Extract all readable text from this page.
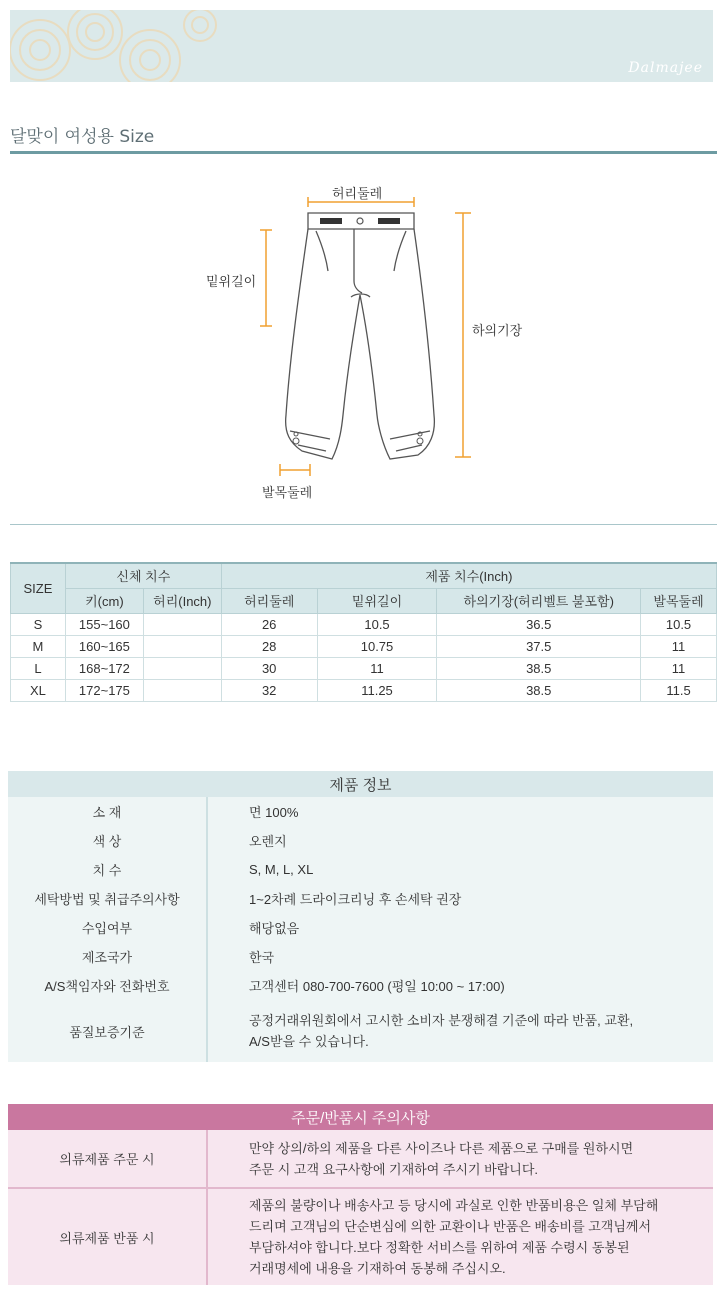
Dalmajee
달맞이 여성용 Size
허리둘레
밑위길이
하의기장
발목둘레
SIZE	신체 치수		제품 치수(Inch)			
	키(cm)	허리(Inch)	허리둘레	밑위길이	하의기장(허리벨트 불포함)	발목둘레
S	155~160		26	10.5	36.5	10.5
M	160~165		28	10.75	37.5	11
L	168~172		30	11	38.5	11
XL	172~175		32	11.25	38.5	11.5
제품 정보	
소 재	면 100%
색 상	오렌지
치 수	S, M, L, XL
세탁방법 및 취급주의사항	1~2차례 드라이크리닝 후 손세탁 권장
수입여부	해당없음
제조국가	한국
A/S책임자와 전화번호	고객센터 080-700-7600 (평일 10:00 ~ 17:00)
품질보증기준	공정거래위원회에서 고시한 소비자 분쟁해결 기준에 따라 반품, 교환,
A/S받을 수 있습니다.
주문/반품시 주의사항	
의류제품 주문 시	만약 상의/하의 제품을 다른 사이즈나 다른 제품으로 구매를 원하시면
주문 시 고객 요구사항에 기재하여 주시기 바랍니다.

의류제품 반품 시	제품의 불량이나 배송사고 등 당시에 과실로 인한 반품비용은 일체 부담해
드리며 고객님의 단순변심에 의한 교환이나 반품은 배송비를 고객님께서
부담하셔야 합니다.보다 정확한 서비스를 위하여 제품 수령시 동봉된
거래명세에 내용을 기재하여 동봉해 주십시오.
